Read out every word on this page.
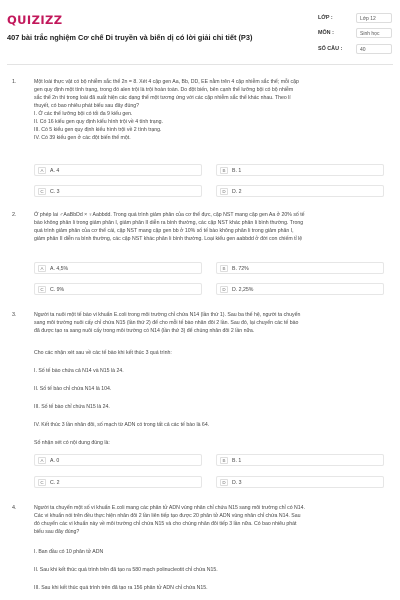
QUIZIZZ
407 bài trắc nghiệm Cơ chế Di truyền và biến dị có lời giải chi tiết (P3)
LỚP :	Lớp 12
MÔN :	Sinh học
SỐ CÂU :	40
1.	Một loài thực vật có bộ nhiễm sắc thể 2n = 8. Xét 4 cặp gen Aa, Bb, DD, EE nằm trên 4 cặp nhiễm sắc thể; mỗi cặp
gen quy định một tính trạng, trong đó alen trội là trội hoàn toàn. Do đột biến, bên cạnh thể lưỡng bội có bộ nhiễm
sắc thể 2n thì trong loài đã xuất hiện các dạng thể một tương ứng với các cặp nhiễm sắc thể khác nhau. Theo lí
thuyết, có bao nhiêu phát biểu sau đây đúng?
I. Ở các thể lưỡng bội có tối đa 9 kiểu gen.
II. Có 16 kiểu gen quy định kiểu hình trội về 4 tính trạng.
III. Có 5 kiểu gen quy định kiểu hình trội về 2 tính trạng.
IV. Có 39 kiểu gen ở các đột biến thể một.
A	A. 4	B	B. 1
C	C. 3	D	D. 2
2.	Ở phép lai ♂AaBbDd × ♀Aabbdd. Trong quá trình giảm phân của cơ thể đực, cặp NST mang cặp gen Aa ở 20% số tế
bào không phân li trong giảm phân I, giảm phân II diễn ra bình thường, các cặp NST khác phân li bình thường. Trong
quá trình giảm phân của cơ thể cái, cặp NST mang cặp gen bb ở 10% số tế bào không phân li trong giảm phân I,
giảm phân II diễn ra bình thường, các cặp NST khác phân li bình thường. Loại kiểu gen aabbdd ở đời con chiếm tỉ lệ
A	A. 4,5%	B	B. 72%
C	C. 9%	D	D. 2,25%
3.	Người ta nuôi một tế bào vi khuẩn E.coli trong môi trường chỉ chứa N14 (lần thứ 1). Sau ba thế hệ, người ta chuyển
sang môi trường nuôi cấy chỉ chứa N15 (lần thứ 2) để cho mỗi tế bào nhân đôi 2 lần. Sau đó, lại chuyển các tế bào
đã được tạo ra sang nuôi cấy trong môi trường có N14 (lần thứ 3) để chúng nhân đôi 2 lần nữa.
Cho các nhận xét sau về các tế bào khi kết thúc 3 quá trình:
I. Số tế bào chứa cả N14 và N15 là 24.
II. Số tế bào chỉ chứa N14 là 104.
III. Số tế bào chỉ chứa N15 là 24.
IV. Kết thúc 3 lần nhân đôi, số mạch từ ADN có trong tất cả các tế bào là 64.
Số nhận xét có nội dung đúng là:
A	A. 0	B	B. 1
C	C. 2	D	D. 3
4.	Người ta chuyển một số vi khuẩn E.coli mang các phân tử ADN vùng nhân chỉ chứa N15 sang môi trường chỉ có N14.
Các vi khuẩn nói trên đều thực hiện nhân đôi 2 lần liên tiếp tạo được 20 phân tử ADN vùng nhân chỉ chứa N14. Sau
đó chuyển các vi khuẩn này về môi trường chỉ chứa N15 và cho chúng nhân đôi tiếp 3 lần nữa. Có bao nhiêu phát
biểu sau đây đúng?
I. Ban đầu có 10 phân tử ADN
II. Sau khi kết thúc quá trình trên đã tạo ra 580 mạch polinucleotit chỉ chứa N15.
III. Sau khi kết thúc quá trình trên đã tạo ra 156 phân tử ADN chỉ chứa N15.
